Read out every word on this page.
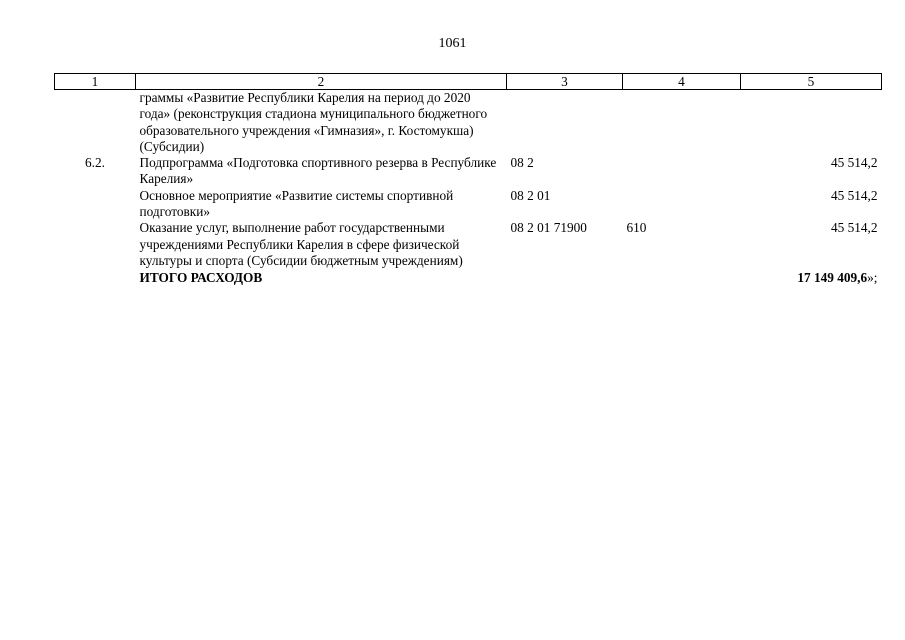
1061
1	2	3	4	5
	граммы «Развитие Республики Карелия на период до 2020 года» (реконструкция стадиона муниципального бюджетного образовательного учреждения «Гимназия», г. Костомукша) (Субсидии)			
6.2.	Подпрограмма «Подготовка спортивного резерва в Республике Карелия»	08 2		45 514,2
	Основное мероприятие «Развитие системы спортивной подготовки»	08 2 01		45 514,2
	Оказание услуг, выполнение работ государственными учреждениями Республики Карелия в сфере физической культуры и спорта (Субсидии бюджетным учреждениям)	08 2 01 71900	610	45 514,2
	ИТОГО РАСХОДОВ			17 149 409,6»;
